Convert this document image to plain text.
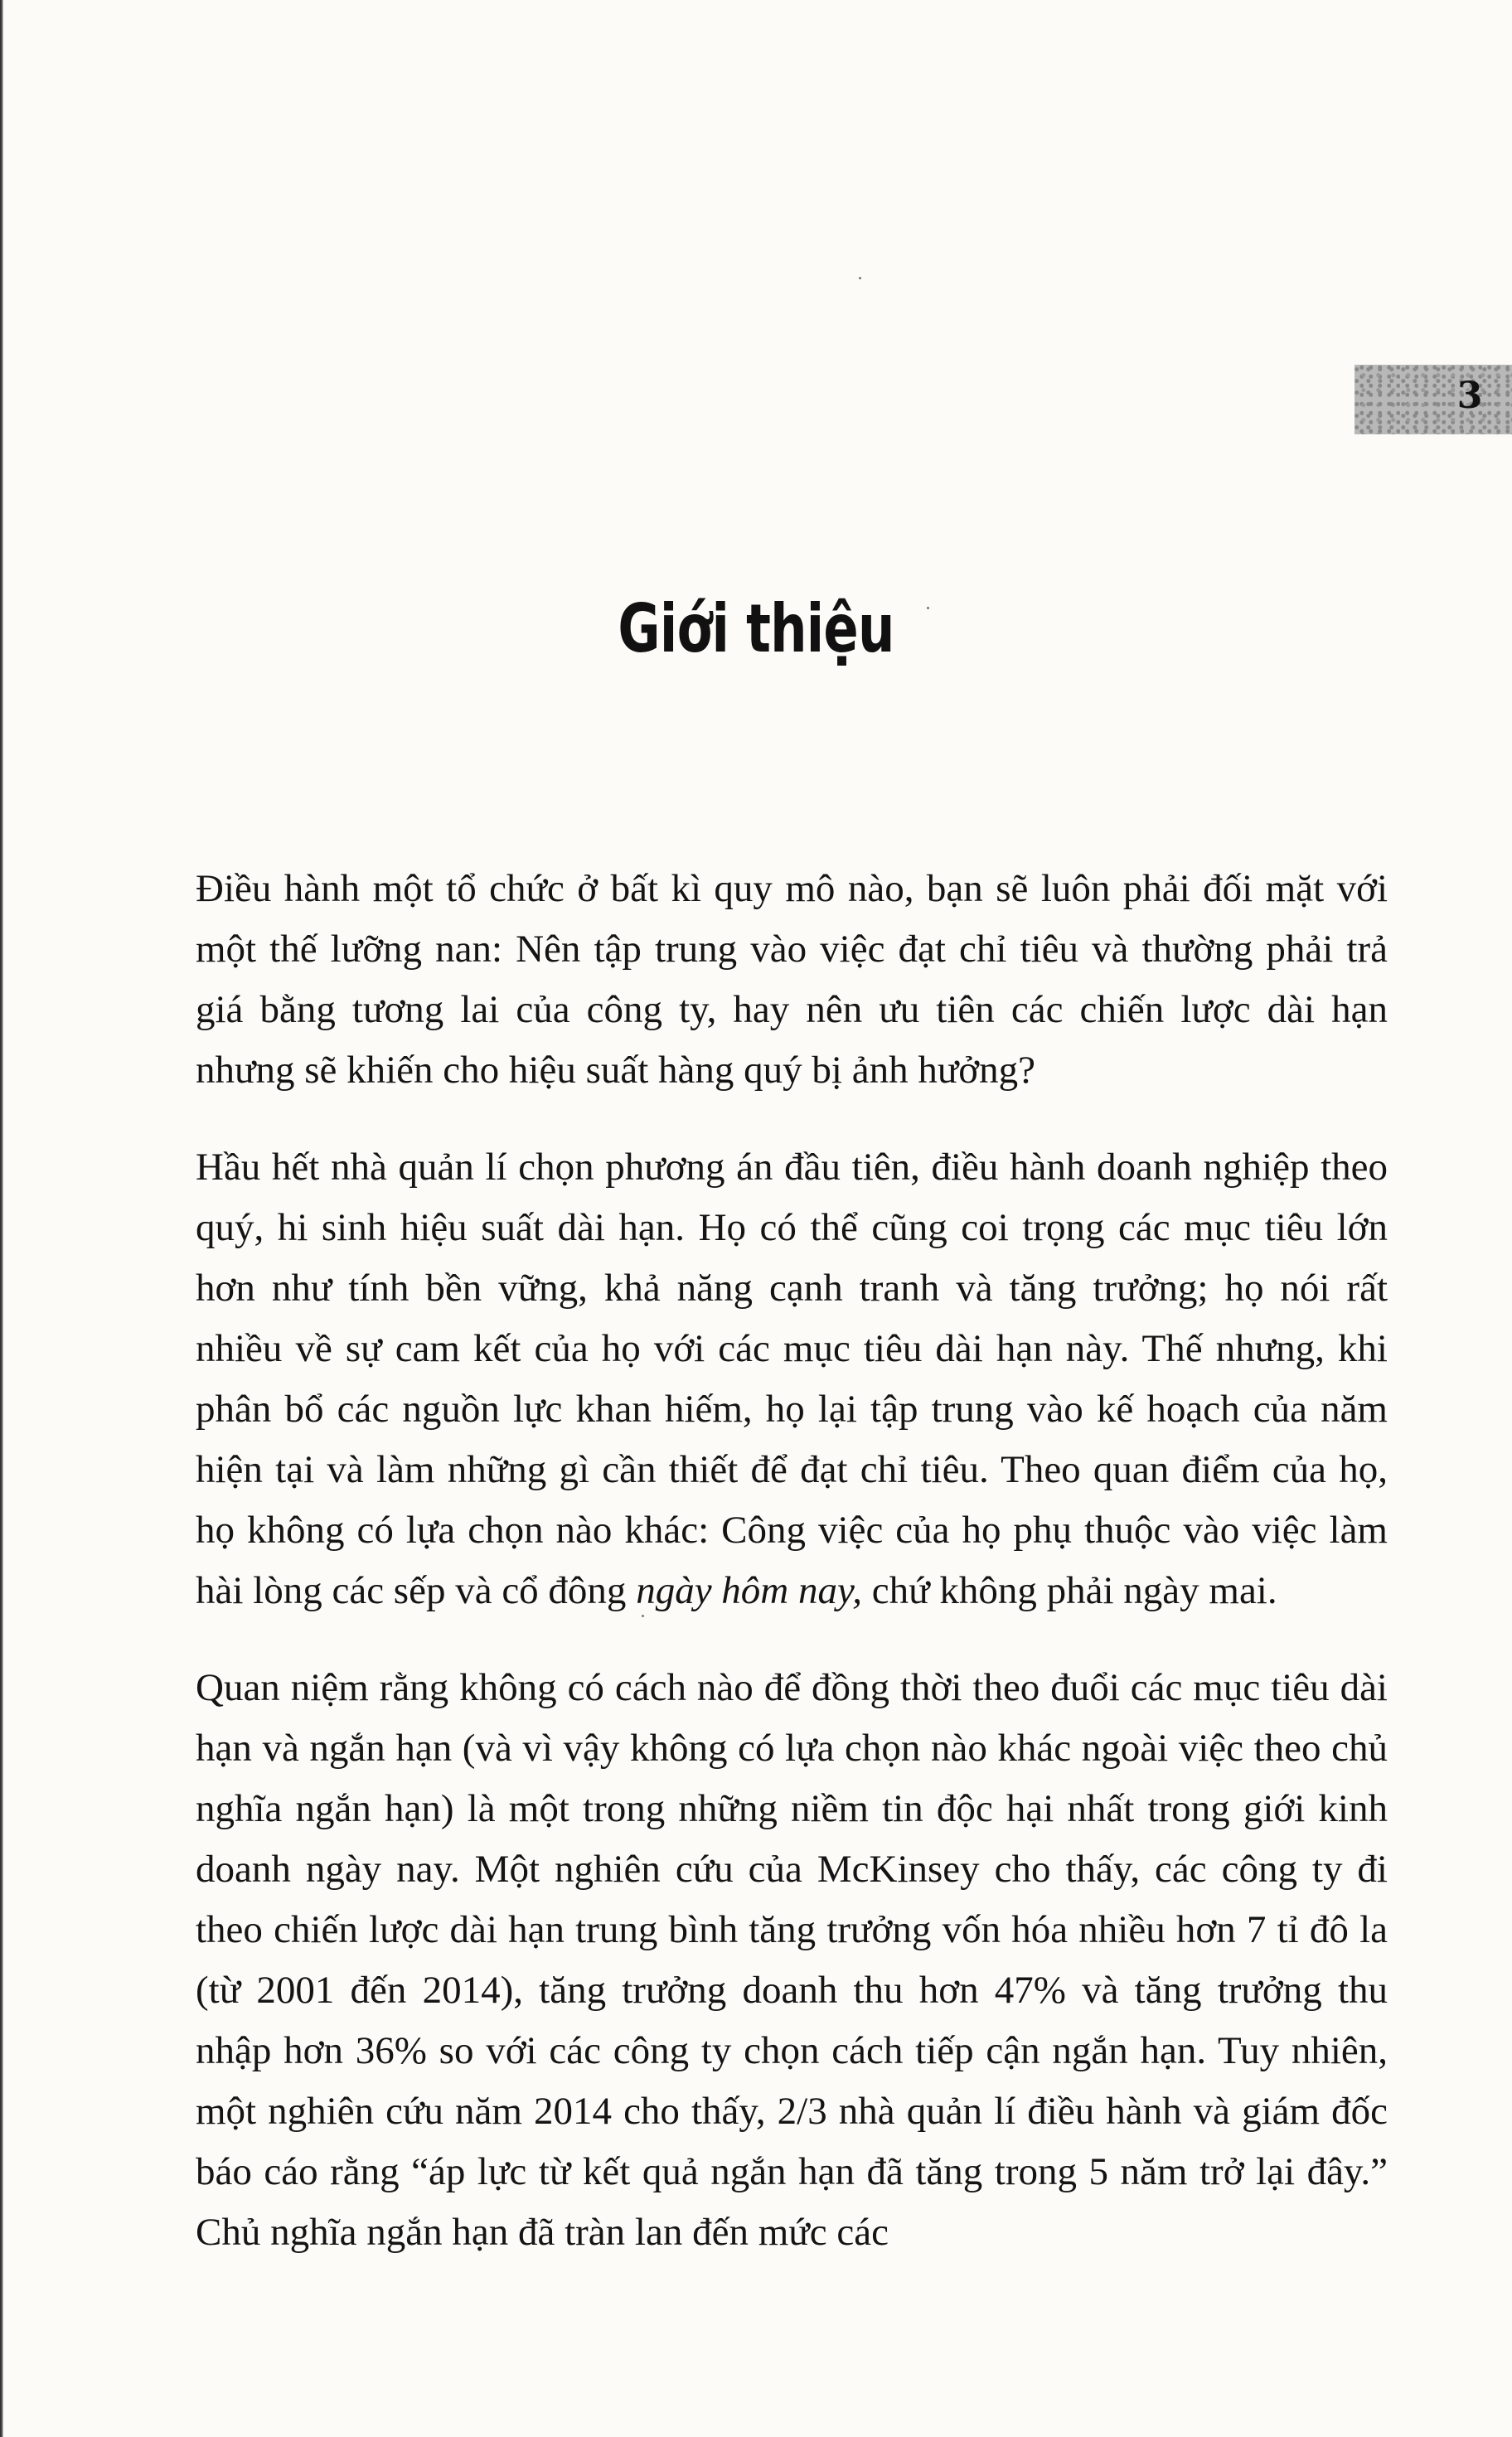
3
Giới thiệu

Điều hành một tổ chức ở bất kì quy mô nào, bạn sẽ luôn phải đối mặt với một thế lưỡng nan: Nên tập trung vào việc đạt chỉ tiêu và thường phải trả giá bằng tương lai của công ty, hay nên ưu tiên các chiến lược dài hạn nhưng sẽ khiến cho hiệu suất hàng quý bị ảnh hưởng?

Hầu hết nhà quản lí chọn phương án đầu tiên, điều hành doanh nghiệp theo quý, hi sinh hiệu suất dài hạn. Họ có thể cũng coi trọng các mục tiêu lớn hơn như tính bền vững, khả năng cạnh tranh và tăng trưởng; họ nói rất nhiều về sự cam kết của họ với các mục tiêu dài hạn này. Thế nhưng, khi phân bổ các nguồn lực khan hiếm, họ lại tập trung vào kế hoạch của năm hiện tại và làm những gì cần thiết để đạt chỉ tiêu. Theo quan điểm của họ, họ không có lựa chọn nào khác: Công việc của họ phụ thuộc vào việc làm hài lòng các sếp và cổ đông ngày hôm nay, chứ không phải ngày mai.

Quan niệm rằng không có cách nào để đồng thời theo đuổi các mục tiêu dài hạn và ngắn hạn (và vì vậy không có lựa chọn nào khác ngoài việc theo chủ nghĩa ngắn hạn) là một trong những niềm tin độc hại nhất trong giới kinh doanh ngày nay. Một nghiên cứu của McKinsey cho thấy, các công ty đi theo chiến lược dài hạn trung bình tăng trưởng vốn hóa nhiều hơn 7 tỉ đô la (từ 2001 đến 2014), tăng trưởng doanh thu hơn 47% và tăng trưởng thu nhập hơn 36% so với các công ty chọn cách tiếp cận ngắn hạn. Tuy nhiên, một nghiên cứu năm 2014 cho thấy, 2/3 nhà quản lí điều hành và giám đốc báo cáo rằng “áp lực từ kết quả ngắn hạn đã tăng trong 5 năm trở lại đây.” Chủ nghĩa ngắn hạn đã tràn lan đến mức các
